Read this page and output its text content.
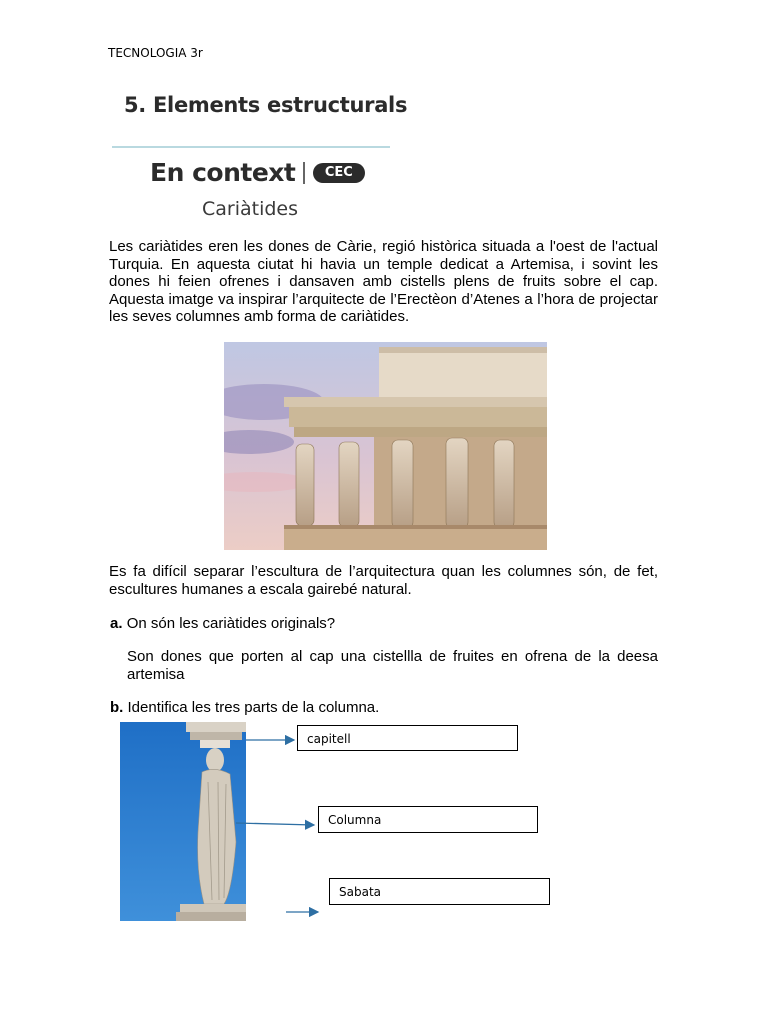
TECNOLOGIA 3r
5. Elements estructurals
En context	CEC
Cariàtides
Les cariàtides eren les dones de Càrie, regió històrica situada a l'oest de l'actual Turquia. En aquesta ciutat hi havia un temple dedicat a Artemisa, i sovint les dones hi feien ofrenes i dansaven amb cistells plens de fruits sobre el cap. Aquesta imatge va inspirar l’arquitecte de l’Erectèon d’Atenes a l’hora de projectar les seves columnes amb forma de cariàtides.
Es fa difícil separar l’escultura de l’arquitectura quan les columnes són, de fet, escultures humanes a escala gairebé natural.
a. On són les cariàtides originals?
Son dones que porten al cap una cistellla de fruites en ofrena de la deesa artemisa
b. Identifica les tres parts de la columna.
capitell
Columna
Sabata
